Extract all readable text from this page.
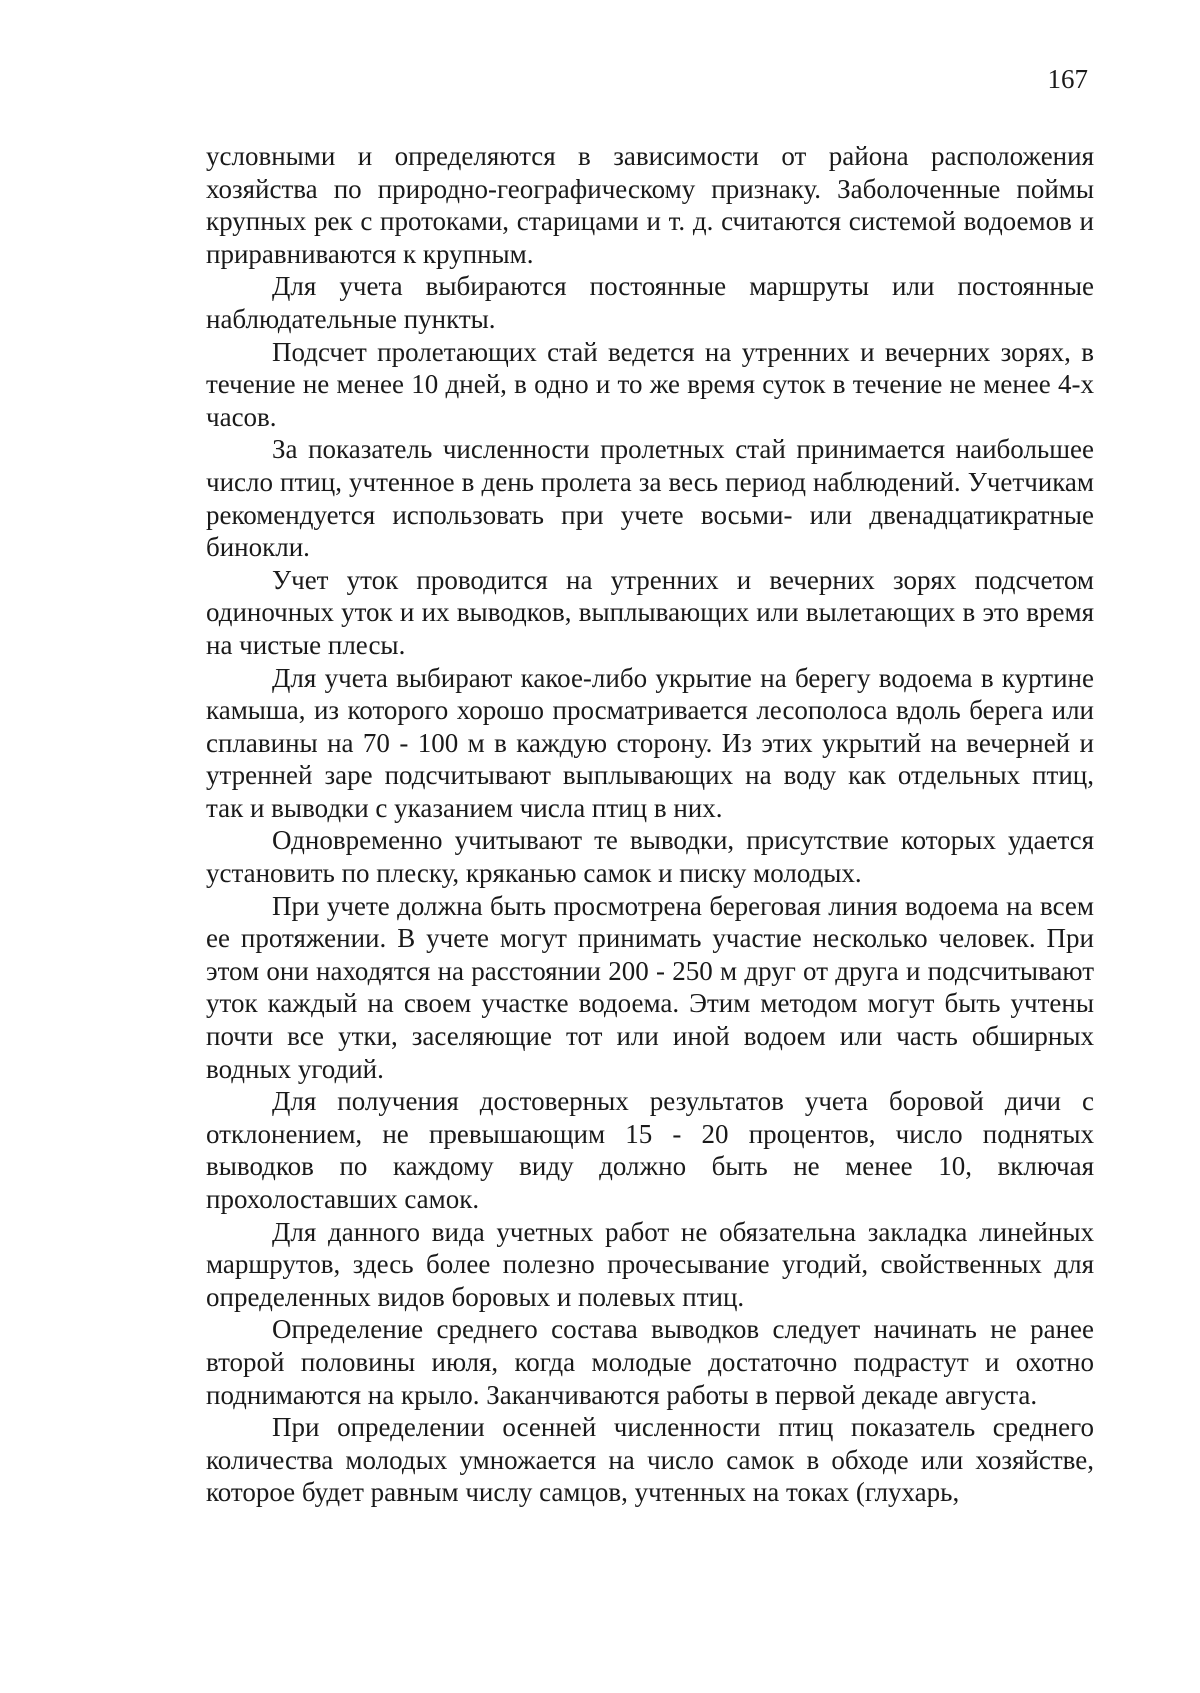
167

условными и определяются в зависимости от района расположения хозяйства по природно-географическому признаку. Заболоченные поймы крупных рек с протоками, старицами и т. д. считаются системой водоемов и приравниваются к крупным.

Для учета выбираются постоянные маршруты или постоянные наблюдательные пункты.

Подсчет пролетающих стай ведется на утренних и вечерних зорях, в течение не менее 10 дней, в одно и то же время суток в течение не менее 4-х часов.

За показатель численности пролетных стай принимается наибольшее число птиц, учтенное в день пролета за весь период наблюдений. Учетчикам рекомендуется использовать при учете восьми- или двенадцатикратные бинокли.

Учет уток проводится на утренних и вечерних зорях подсчетом одиночных уток и их выводков, выплывающих или вылетающих в это время на чистые плесы.

Для учета выбирают какое-либо укрытие на берегу водоема в куртине камыша, из которого хорошо просматривается лесополоса вдоль берега или сплавины на 70 - 100 м в каждую сторону. Из этих укрытий на вечерней и утренней заре подсчитывают выплывающих на воду как отдельных птиц, так и выводки с указанием числа птиц в них.

Одновременно учитывают те выводки, присутствие которых удается установить по плеску, кряканью самок и писку молодых.

При учете должна быть просмотрена береговая линия водоема на всем ее протяжении. В учете могут принимать участие несколько человек. При этом они находятся на расстоянии 200 - 250 м друг от друга и подсчитывают уток каждый на своем участке водоема. Этим методом могут быть учтены почти все утки, заселяющие тот или иной водоем или часть обширных водных угодий.

Для получения достоверных результатов учета боровой дичи с отклонением, не превышающим 15 - 20 процентов, число поднятых выводков по каждому виду должно быть не менее 10, включая прохолоставших самок.

Для данного вида учетных работ не обязательна закладка линейных маршрутов, здесь более полезно прочесывание угодий, свойственных для определенных видов боровых и полевых птиц.

Определение среднего состава выводков следует начинать не ранее второй половины июля, когда молодые достаточно подрастут и охотно поднимаются на крыло. Заканчиваются работы в первой декаде августа.

При определении осенней численности птиц показатель среднего количества молодых умножается на число самок в обходе или хозяйстве, которое будет равным числу самцов, учтенных на токах (глухарь,
